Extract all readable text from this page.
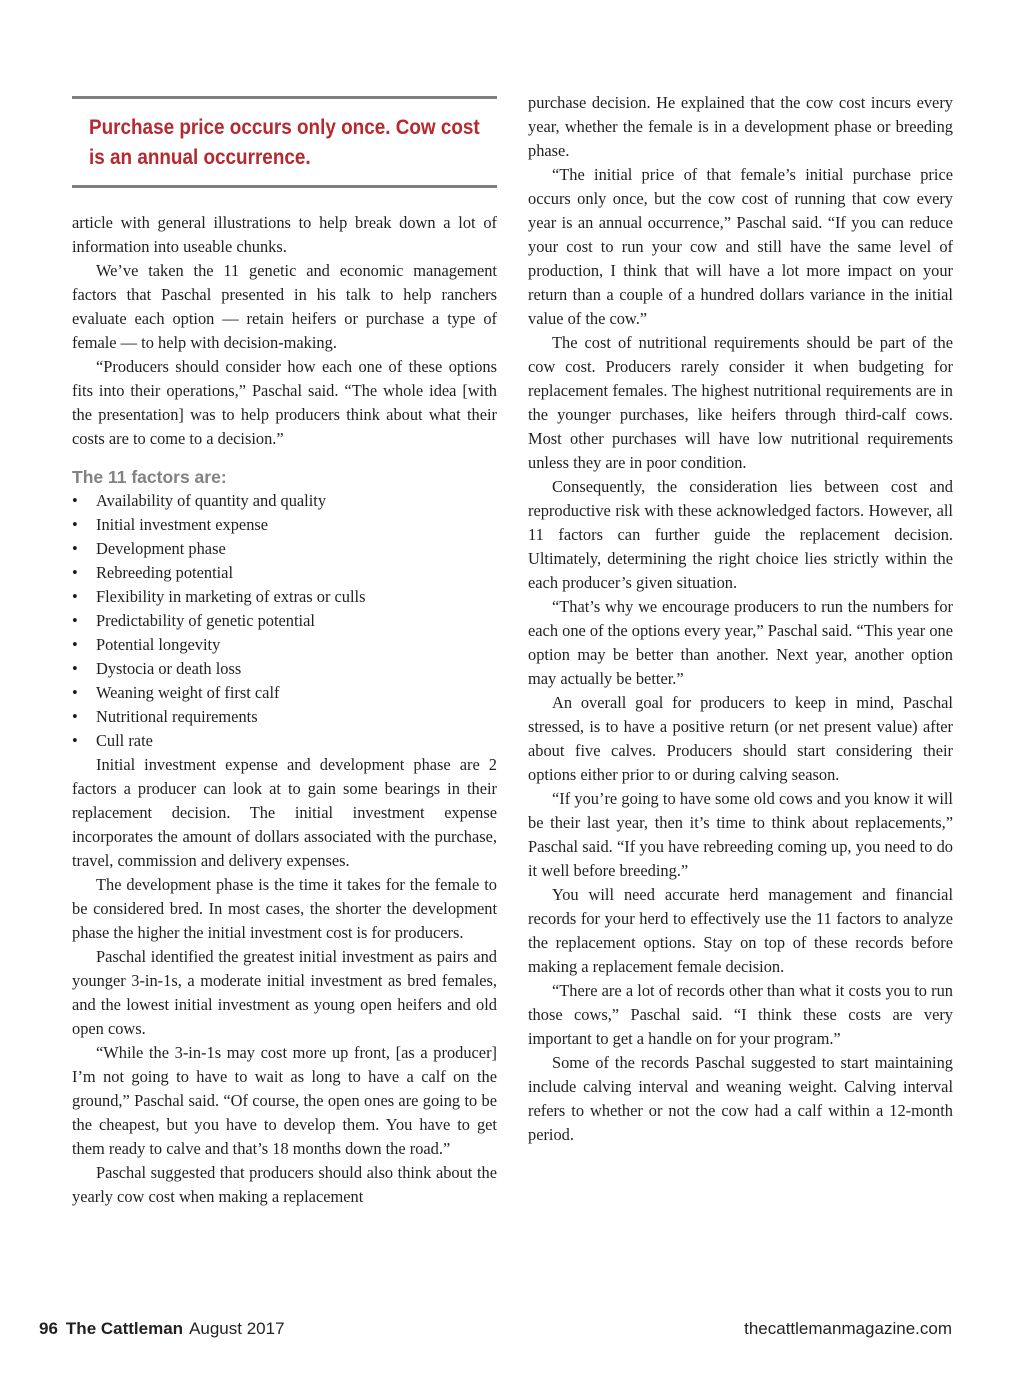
Purchase price occurs only once. Cow cost is an annual occurrence.

article with general illustrations to help break down a lot of information into useable chunks.

We’ve taken the 11 genetic and economic management factors that Paschal presented in his talk to help ranchers evaluate each option — retain heifers or purchase a type of female — to help with decision-making.

“Producers should consider how each one of these options fits into their operations,” Paschal said. “The whole idea [with the presentation] was to help producers think about what their costs are to come to a decision.”

The 11 factors are:
• Availability of quantity and quality
• Initial investment expense
• Development phase
• Rebreeding potential
• Flexibility in marketing of extras or culls
• Predictability of genetic potential
• Potential longevity
• Dystocia or death loss
• Weaning weight of first calf
• Nutritional requirements
• Cull rate

Initial investment expense and development phase are 2 factors a producer can look at to gain some bearings in their replacement decision. The initial investment expense incorporates the amount of dollars associated with the purchase, travel, commission and delivery expenses.

The development phase is the time it takes for the female to be considered bred. In most cases, the shorter the development phase the higher the initial investment cost is for producers.

Paschal identified the greatest initial investment as pairs and younger 3-in-1s, a moderate initial investment as bred females, and the lowest initial investment as young open heifers and old open cows.

“While the 3-in-1s may cost more up front, [as a producer] I’m not going to have to wait as long to have a calf on the ground,” Paschal said. “Of course, the open ones are going to be the cheapest, but you have to develop them. You have to get them ready to calve and that’s 18 months down the road.”

Paschal suggested that producers should also think about the yearly cow cost when making a replacement

purchase decision. He explained that the cow cost incurs every year, whether the female is in a development phase or breeding phase.

“The initial price of that female’s initial purchase price occurs only once, but the cow cost of running that cow every year is an annual occurrence,” Paschal said. “If you can reduce your cost to run your cow and still have the same level of production, I think that will have a lot more impact on your return than a couple of a hundred dollars variance in the initial value of the cow.”

The cost of nutritional requirements should be part of the cow cost. Producers rarely consider it when budgeting for replacement females. The highest nutritional requirements are in the younger purchases, like heifers through third-calf cows. Most other purchases will have low nutritional requirements unless they are in poor condition.

Consequently, the consideration lies between cost and reproductive risk with these acknowledged factors. However, all 11 factors can further guide the replacement decision. Ultimately, determining the right choice lies strictly within the each producer’s given situation.

“That’s why we encourage producers to run the numbers for each one of the options every year,” Paschal said. “This year one option may be better than another. Next year, another option may actually be better.”

An overall goal for producers to keep in mind, Paschal stressed, is to have a positive return (or net present value) after about five calves. Producers should start considering their options either prior to or during calving season.

“If you’re going to have some old cows and you know it will be their last year, then it’s time to think about replacements,” Paschal said. “If you have rebreeding coming up, you need to do it well before breeding.”

You will need accurate herd management and financial records for your herd to effectively use the 11 factors to analyze the replacement options. Stay on top of these records before making a replacement female decision.

“There are a lot of records other than what it costs you to run those cows,” Paschal said. “I think these costs are very important to get a handle on for your program.”

Some of the records Paschal suggested to start maintaining include calving interval and weaning weight. Calving interval refers to whether or not the cow had a calf within a 12-month period.

96 The Cattleman August 2017	thecattlemanmagazine.com
